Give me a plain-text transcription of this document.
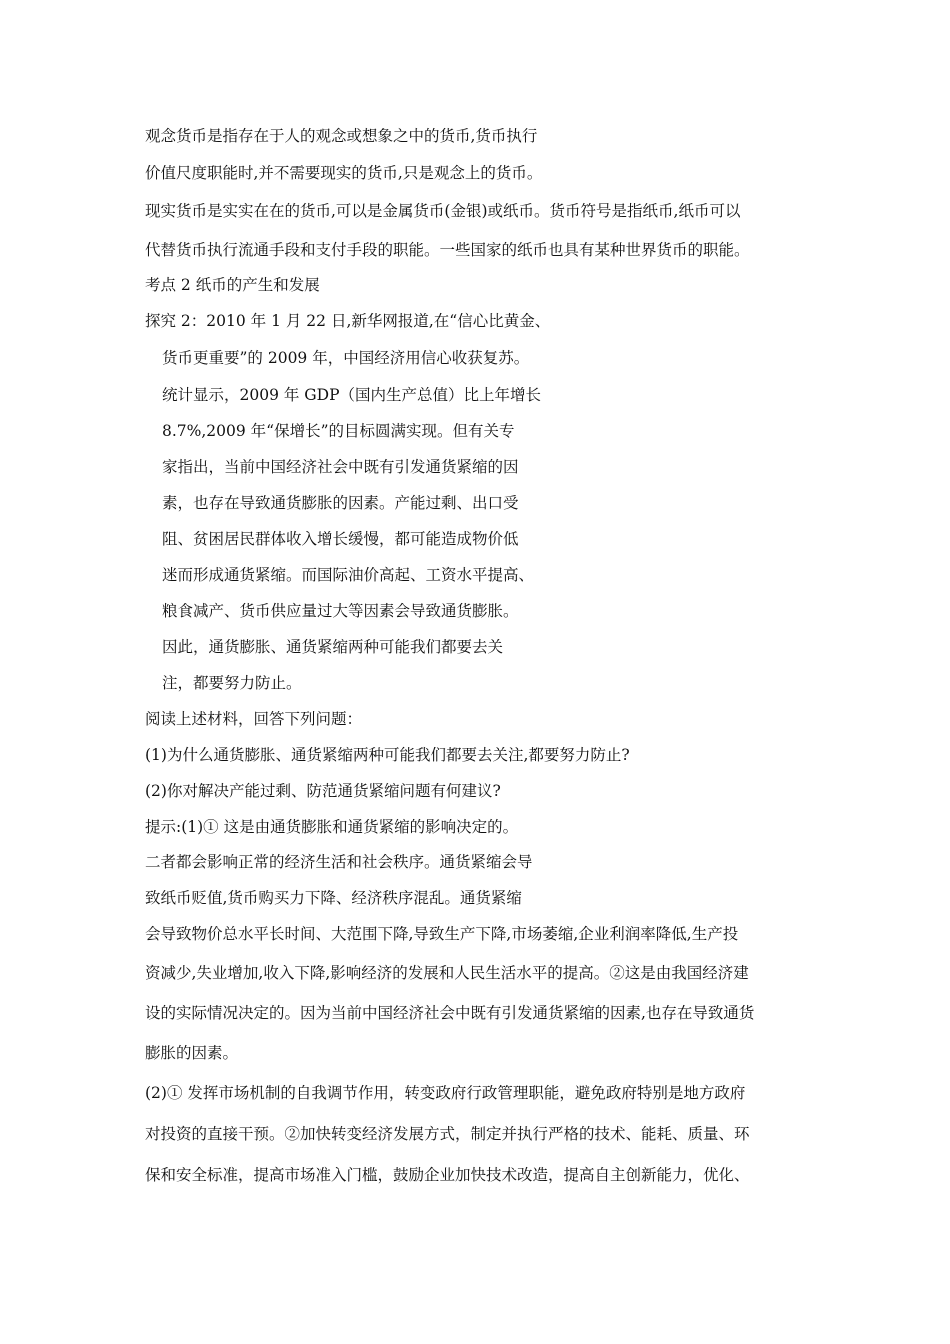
观念货币是指存在于人的观念或想象之中的货币,货币执行
价值尺度职能时,并不需要现实的货币,只是观念上的货币。
现实货币是实实在在的货币,可以是金属货币(金银)或纸币。货币符号是指纸币,纸币可以
代替货币执行流通手段和支付手段的职能。一些国家的纸币也具有某种世界货币的职能。
考点 2 纸币的产生和发展
探究 2：2010 年 1 月 22 日,新华网报道,在“信心比黄金、
货币更重要”的 2009 年，中国经济用信心收获复苏。
统计显示，2009 年 GDP（国内生产总值）比上年增长
8.7%,2009 年“保增长”的目标圆满实现。但有关专
家指出，当前中国经济社会中既有引发通货紧缩的因
素，也存在导致通货膨胀的因素。产能过剩、出口受
阻、贫困居民群体收入增长缓慢，都可能造成物价低
迷而形成通货紧缩。而国际油价高起、工资水平提高、
粮食减产、货币供应量过大等因素会导致通货膨胀。
因此，通货膨胀、通货紧缩两种可能我们都要去关
注，都要努力防止。
阅读上述材料，回答下列问题：
(1)为什么通货膨胀、通货紧缩两种可能我们都要去关注,都要努力防止?
(2)你对解决产能过剩、防范通货紧缩问题有何建议?
提示:(1)① 这是由通货膨胀和通货紧缩的影响决定的。
二者都会影响正常的经济生活和社会秩序。通货紧缩会导
致纸币贬值,货币购买力下降、经济秩序混乱。通货紧缩
会导致物价总水平长时间、大范围下降,导致生产下降,市场萎缩,企业利润率降低,生产投
资减少,失业增加,收入下降,影响经济的发展和人民生活水平的提高。②这是由我国经济建
设的实际情况决定的。因为当前中国经济社会中既有引发通货紧缩的因素,也存在导致通货
膨胀的因素。
(2)① 发挥市场机制的自我调节作用，转变政府行政管理职能，避免政府特别是地方政府
对投资的直接干预。②加快转变经济发展方式，制定并执行严格的技术、能耗、质量、环
保和安全标准，提高市场准入门槛，鼓励企业加快技术改造，提高自主创新能力，优化、
